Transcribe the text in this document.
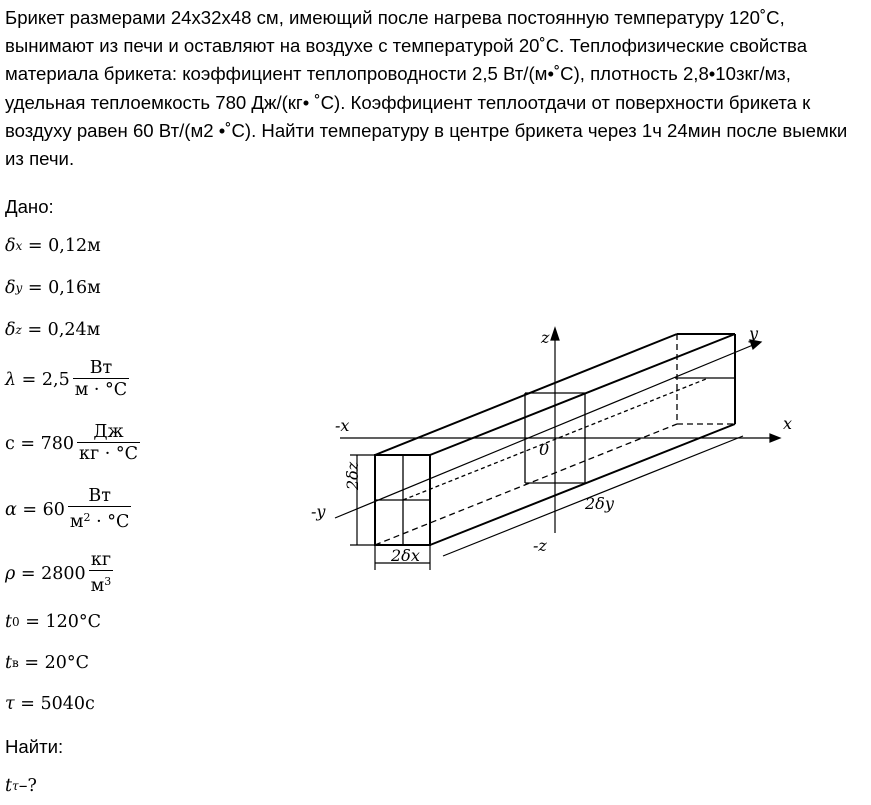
Брикет размерами 24х32х48 см, имеющий после нагрева постоянную температуру 120˚С, вынимают из печи и оставляют на воздухе с температурой 20˚С. Теплофизические свойства материала брикета: коэффициент теплопроводности 2,5 Вт/(м•˚С), плотность 2,8•10зкг/мз, удельная теплоемкость 780 Дж/(кг• ˚С). Коэффициент теплоотдачи от поверхности брикета к воздуху равен 60 Вт/(м2 •˚С). Найти температуру в центре брикета через 1ч 24мин после выемки из печи.
Дано:
δ x
= 0,12м
δ y
= 0,16м
δ z
= 0,24м
λ
= $2,5 \frac{Вт}{м \cdot ^\circ C}$
c
= $780 \frac{Дж}{кг \cdot ^\circ C}$
α
= $60 \frac{Вт}{м^2 \cdot ^\circ C}$
ρ
= $2800 \frac{кг}{м^3}$
t 0
= 120°C
t в
= 20°C
τ
= 5040с
Найти:
t τ –?
z	y
x
-x
-y
-z
0
2δx
2δy
2δz
